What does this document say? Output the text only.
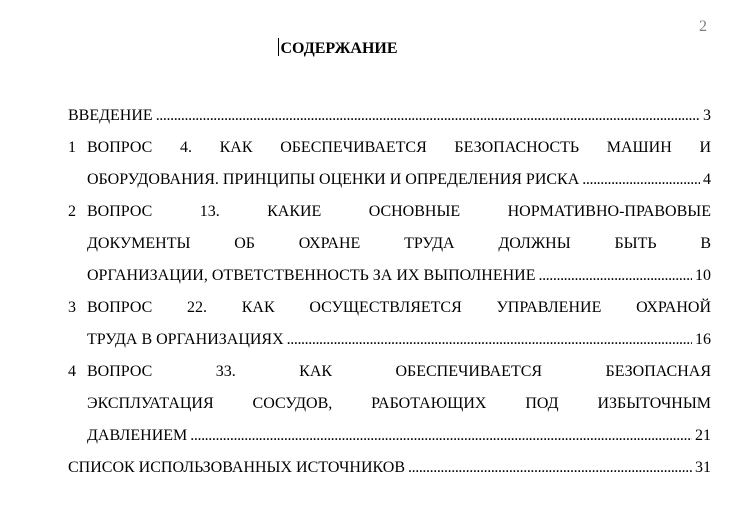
2
СОДЕРЖАНИЕ
ВВЕДЕНИЕ . . .	3
1 ВОПРОС 4. КАК ОБЕСПЕЧИВАЕТСЯ БЕЗОПАСНОСТЬ МАШИН И
ОБОРУДОВАНИЯ. ПРИНЦИПЫ ОЦЕНКИ И ОПРЕДЕЛЕНИЯ РИСКА . . .	4
2 ВОПРОС 13. КАКИЕ ОСНОВНЫЕ НОРМАТИВНО-ПРАВОВЫЕ
ДОКУМЕНТЫ ОБ ОХРАНЕ ТРУДА ДОЛЖНЫ БЫТЬ В
ОРГАНИЗАЦИИ, ОТВЕТСТВЕННОСТЬ ЗА ИХ ВЫПОЛНЕНИЕ . . .	10
3 ВОПРОС 22. КАК ОСУЩЕСТВЛЯЕТСЯ УПРАВЛЕНИЕ ОХРАНОЙ
ТРУДА В ОРГАНИЗАЦИЯХ . . .	16
4 ВОПРОС 33. КАК ОБЕСПЕЧИВАЕТСЯ БЕЗОПАСНАЯ
ЭКСПЛУАТАЦИЯ СОСУДОВ, РАБОТАЮЩИХ ПОД ИЗБЫТОЧНЫМ
ДАВЛЕНИЕМ . . .	21
СПИСОК ИСПОЛЬЗОВАННЫХ ИСТОЧНИКОВ . . .	31
